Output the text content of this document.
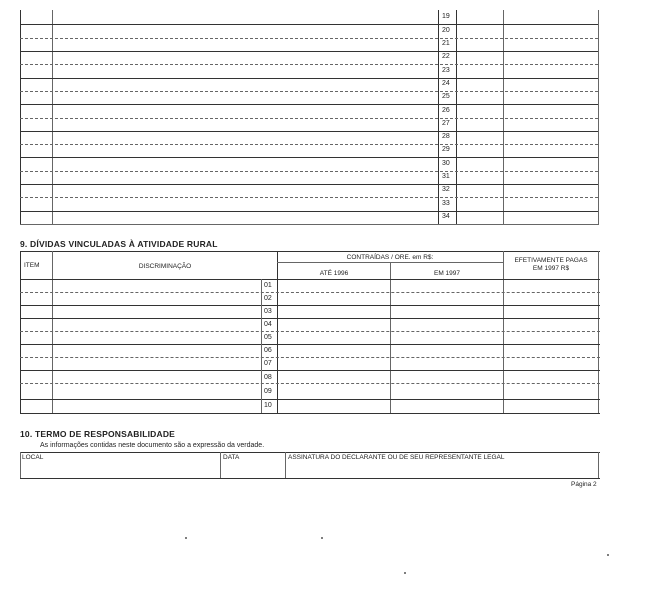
19
20
21
22
23
24
25
26
27
28
29
30
31
32
33
34
9. DÍVIDAS VINCULADAS À ATIVIDADE RURAL
ITEM	DISCRIMINAÇÃO
CONTRAÍDAS / ORE. em R$:
ATÉ 1996	EM 1997
EFETIVAMENTE PAGAS
EM 1997 R$
01
02
03
04
05
06
07
08
09
10
10. TERMO DE RESPONSABILIDADE
As informações contidas neste documento são a expressão da verdade.
LOCAL	DATA	ASSINATURA DO DECLARANTE OU DE SEU REPRESENTANTE LEGAL
Página 2
